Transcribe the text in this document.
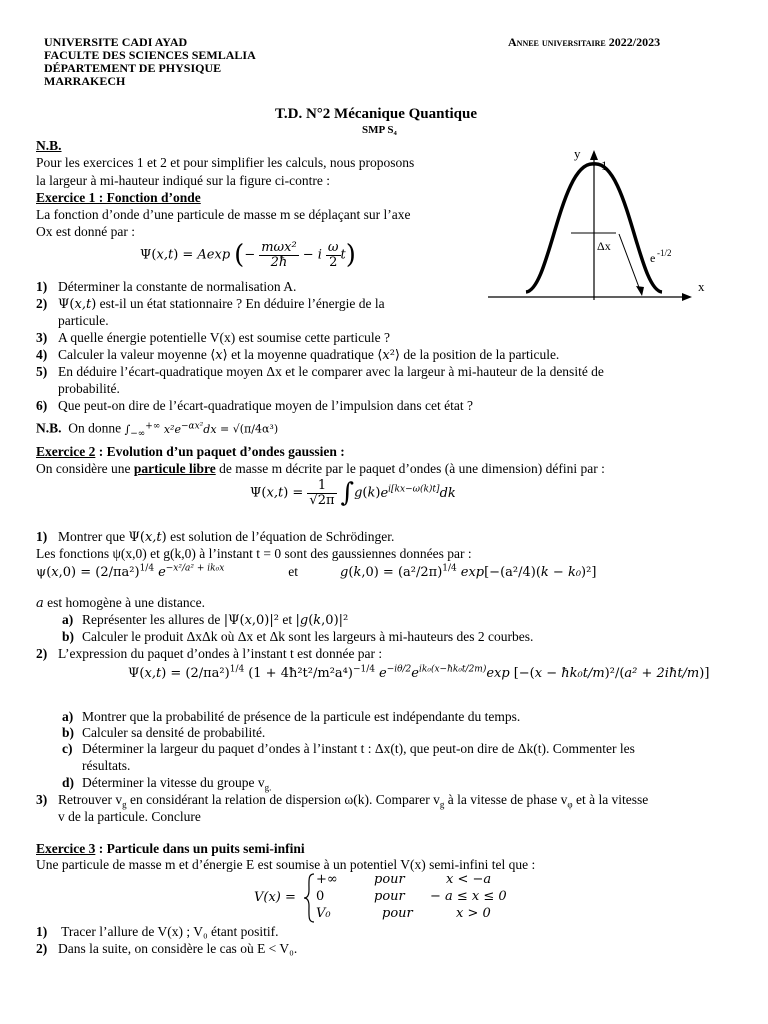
UNIVERSITE CADI AYAD
FACULTE DES SCIENCES SEMLALIA
DÉPARTEMENT DE PHYSIQUE
MARRAKECH
Annee universitaire 2022/2023
T.D. N°2 Mécanique Quantique
SMP S₄
N.B.
Pour les exercices 1 et 2 et pour simplifier les calculs, nous proposons
la largeur à mi-hauteur indiqué sur la figure ci-contre :
y
1
Δx
e -1/2
x
Exercice 1 : Fonction d’onde
La fonction d’onde d’une particule de masse m se déplaçant sur l’axe
Ox est donné par :
Ψ(x,t) = Aexp (− $\frac{\text{mωx²}}{2ħ} - i \frac{\omega}{2} t$)
1) Déterminer la constante de normalisation A.
2) Ψ(x,t) est-il un état stationnaire ? En déduire l’énergie de la
particule.
3) A quelle énergie potentielle V(x) est soumise cette particule ?
4) Calculer la valeur moyenne ⟨x⟩ et la moyenne quadratique ⟨x²⟩ de la position de la particule.
5) En déduire l’écart-quadratique moyen Δx et le comparer avec la largeur à mi-hauteur de la densité de
probabilité.
6) Que peut-on dire de l’écart-quadratique moyen de l’impulsion dans cet état ?
N.B. On donne $\int_{-\infty}^{+\infty}$ $x^2e^{-\alpha x^2}dx = √(\pi/4\alpha^3)$
Exercice 2 : Evolution d’un paquet d’ondes gaussien :
On considère une particule libre de masse m décrite par le paquet d’ondes (à une dimension) défini par :
$\Psi(x,t) = \frac{1}{√2\pi} \int g(k)e^{i[kx-\omega(k)t]}dk$
1) Montrer que Ψ(x,t) est solution de l’équation de Schrödinger.
Les fonctions ψ(x,0) et g(k,0) à l’instant t = 0 sont des gaussiennes données par :
$\psi(x,0) = (2/\pi a^2)^{1/4}$ $e^{-x^2/a^2 + ik_0x}$	et	$g(k,0) = (a^2/2\pi)^{1/4}$ exp[−(a²/4)(k − k₀)²]
a est homogène à une distance.
a) Représenter les allures de |Ψ(x,0)|² et |g(k,0)|²
b) Calculer le produit ΔxΔk où Δx et Δk sont les largeurs à mi-hauteurs des 2 courbes.
2) L’expression du paquet d’ondes à l’instant t est donnée par :
$\Psi(x,t) = (2/\pi a^2)^{1/4}$ (1 + 4ħ²t²/m²a⁴)$^{-1/4}$ $e^{-i\theta/2}e^{ik_0(x-ħk_0t/2m)}\exp$ [−(x − ħk₀t/m)²/(a² + 2iħt/m)]
a) Montrer que la probabilité de présence de la particule est indépendante du temps.
b) Calculer sa densité de probabilité.
c) Déterminer la largeur du paquet d’ondes à l’instant t : Δx(t), que peut-on dire de Δk(t). Commenter les
résultats.
d) Déterminer la vitesse du groupe $v_{g.}$
3) Retrouver $v_g$ en considérant la relation de dispersion ω(k). Comparer $v_g$ à la vitesse de phase $v_\varphi$ et à la vitesse
v de la particule. Conclure
Exercice 3 : Particule dans un puits semi-infini
Une particule de masse m et d’énergie E est soumise à un potentiel V(x) semi-infini tel que :
V(x) =
+∞	pour	x < −a
0	pour − a ≤ x ≤ 0
V₀	pour	x > 0
1) Tracer l’allure de V(x) ; V₀ étant positif.
2) Dans la suite, on considère le cas où E < V₀.
